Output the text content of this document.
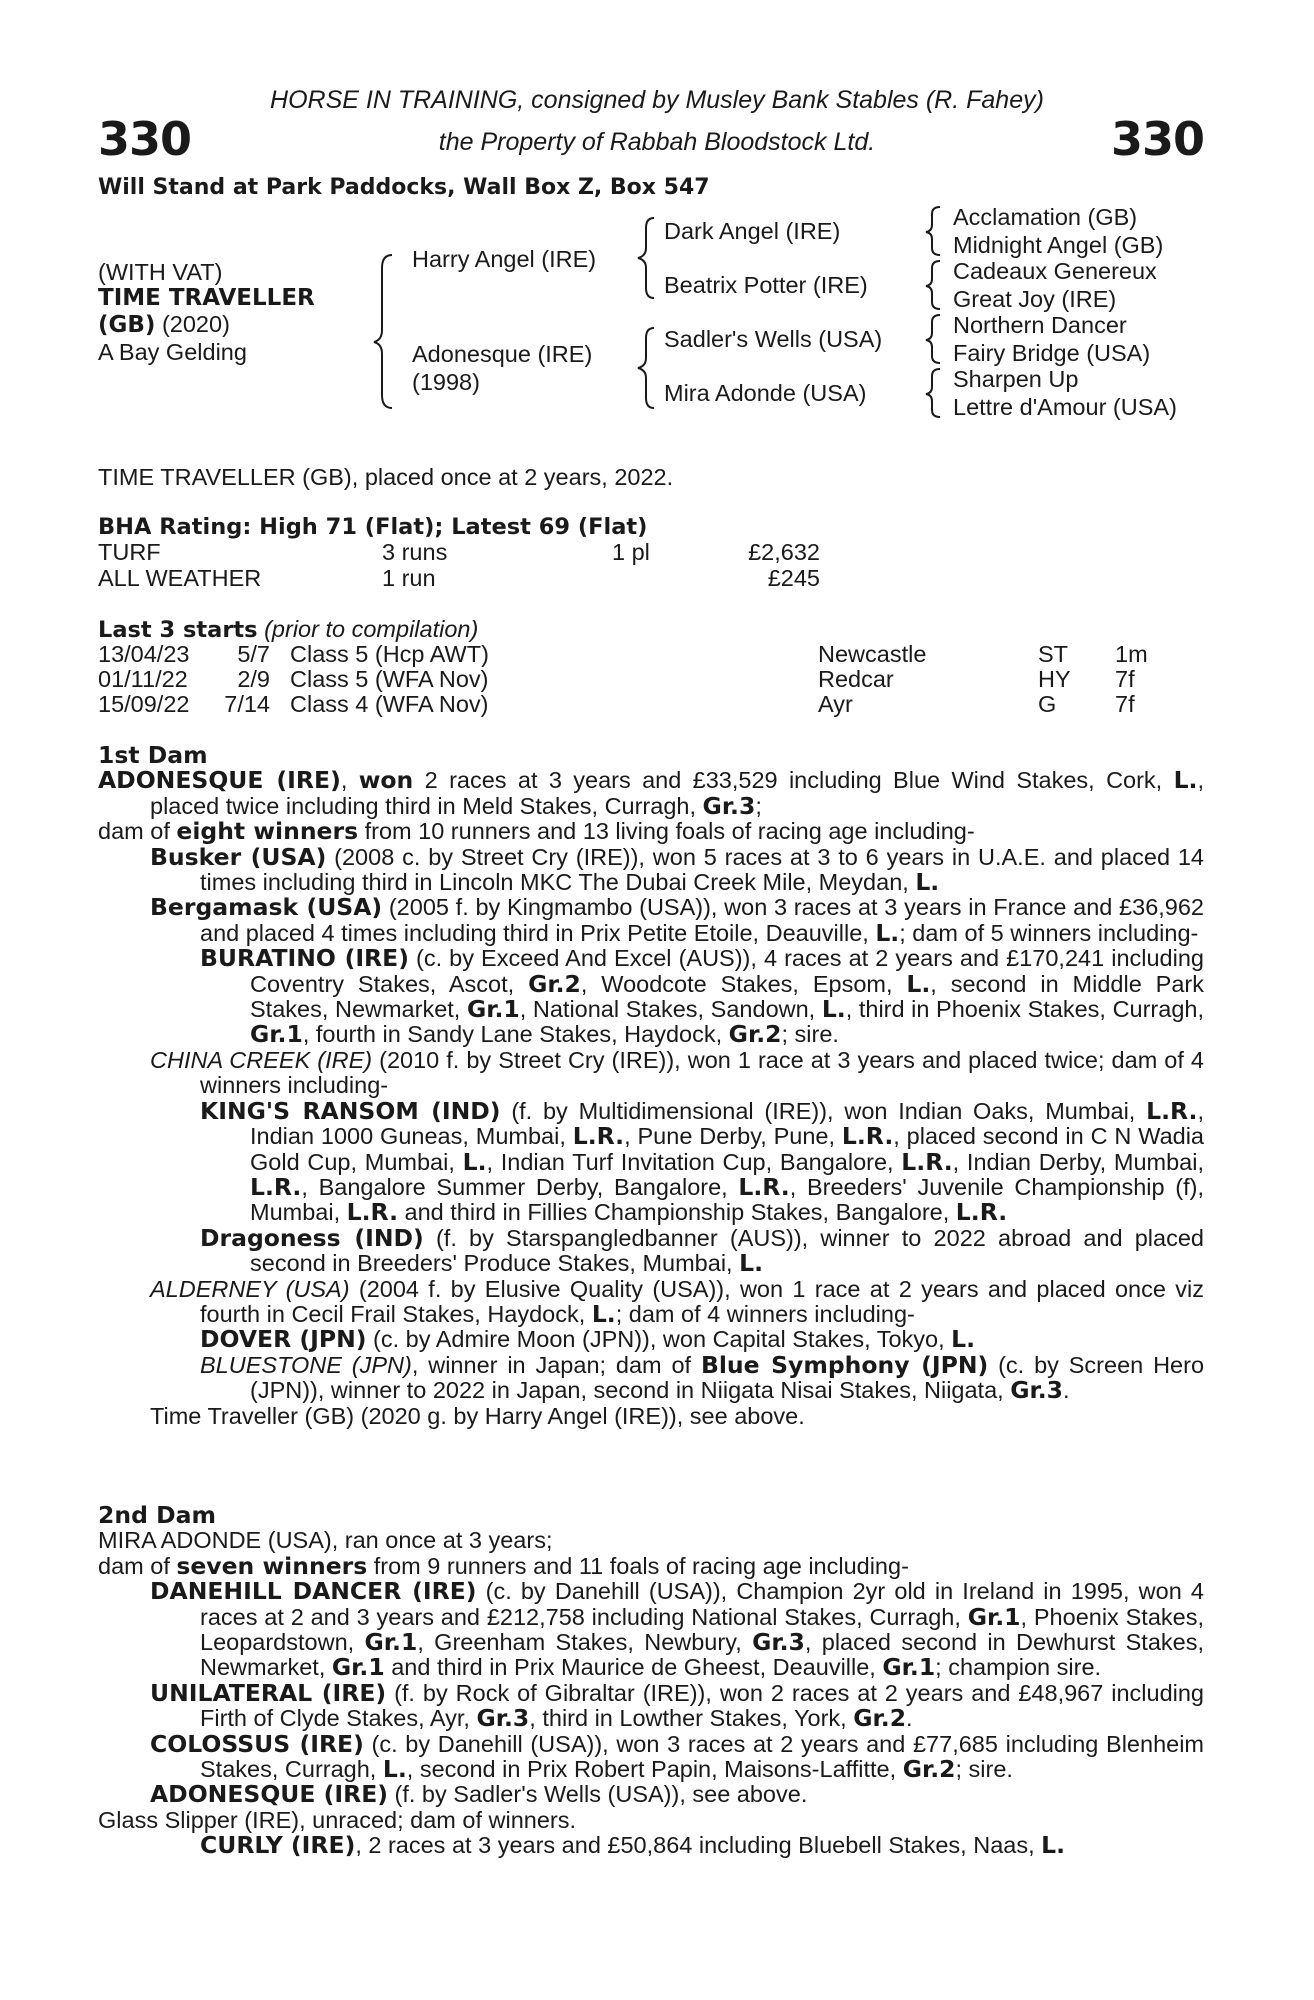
330	330
HORSE IN TRAINING, consigned by Musley Bank Stables (R. Fahey)
the Property of Rabbah Bloodstock Ltd.
Will Stand at Park Paddocks, Wall Box Z, Box 547
(WITH VAT)
TIME TRAVELLER
(GB) (2020)
A Bay Gelding
Harry Angel (IRE)
Adonesque (IRE)
(1998)
Dark Angel (IRE)
Beatrix Potter (IRE)
Sadler's Wells (USA)
Mira Adonde (USA)
Acclamation (GB)
Midnight Angel (GB)
Cadeaux Genereux
Great Joy (IRE)
Northern Dancer
Fairy Bridge (USA)
Sharpen Up
Lettre d'Amour (USA)
TIME TRAVELLER (GB), placed once at 2 years, 2022.
BHA Rating: High 71 (Flat); Latest 69 (Flat)
TURF	3 runs	1 pl	£2,632
ALL WEATHER	1 run	£245
Last 3 starts (prior to compilation)
13/04/23	5/7 Class 5 (Hcp AWT)	Newcastle	ST 1m
01/11/22	2/9 Class 5 (WFA Nov)	Redcar	HY 7f
15/09/22	7/14 Class 4 (WFA Nov)	Ayr	G 7f

1st Dam

ADONESQUE (IRE), won 2 races at 3 years and £33,529 including Blue Wind Stakes, Cork, L., placed twice including third in Meld Stakes, Curragh, Gr.3;

dam of eight winners from 10 runners and 13 living foals of racing age including-

Busker (USA) (2008 c. by Street Cry (IRE)), won 5 races at 3 to 6 years in U.A.E. and placed 14 times including third in Lincoln MKC The Dubai Creek Mile, Meydan, L.

Bergamask (USA) (2005 f. by Kingmambo (USA)), won 3 races at 3 years in France and £36,962 and placed 4 times including third in Prix Petite Etoile, Deauville, L.; dam of 5 winners including-

BURATINO (IRE) (c. by Exceed And Excel (AUS)), 4 races at 2 years and £170,241 including Coventry Stakes, Ascot, Gr.2, Woodcote Stakes, Epsom, L., second in Middle Park Stakes, Newmarket, Gr.1, National Stakes, Sandown, L., third in Phoenix Stakes, Curragh, Gr.1, fourth in Sandy Lane Stakes, Haydock, Gr.2; sire.

CHINA CREEK (IRE) (2010 f. by Street Cry (IRE)), won 1 race at 3 years and placed twice; dam of 4 winners including-

KING'S RANSOM (IND) (f. by Multidimensional (IRE)), won Indian Oaks, Mumbai, L.R., Indian 1000 Guneas, Mumbai, L.R., Pune Derby, Pune, L.R., placed second in C N Wadia Gold Cup, Mumbai, L., Indian Turf Invitation Cup, Bangalore, L.R., Indian Derby, Mumbai, L.R., Bangalore Summer Derby, Bangalore, L.R., Breeders' Juvenile Championship (f), Mumbai, L.R. and third in Fillies Championship Stakes, Bangalore, L.R.

Dragoness (IND) (f. by Starspangledbanner (AUS)), winner to 2022 abroad and placed second in Breeders' Produce Stakes, Mumbai, L.

ALDERNEY (USA) (2004 f. by Elusive Quality (USA)), won 1 race at 2 years and placed once viz fourth in Cecil Frail Stakes, Haydock, L.; dam of 4 winners including-

DOVER (JPN) (c. by Admire Moon (JPN)), won Capital Stakes, Tokyo, L.

BLUESTONE (JPN), winner in Japan; dam of Blue Symphony (JPN) (c. by Screen Hero (JPN)), winner to 2022 in Japan, second in Niigata Nisai Stakes, Niigata, Gr.3.

Time Traveller (GB) (2020 g. by Harry Angel (IRE)), see above.

2nd Dam

MIRA ADONDE (USA), ran once at 3 years;

dam of seven winners from 9 runners and 11 foals of racing age including-

DANEHILL DANCER (IRE) (c. by Danehill (USA)), Champion 2yr old in Ireland in 1995, won 4 races at 2 and 3 years and £212,758 including National Stakes, Curragh, Gr.1, Phoenix Stakes, Leopardstown, Gr.1, Greenham Stakes, Newbury, Gr.3, placed second in Dewhurst Stakes, Newmarket, Gr.1 and third in Prix Maurice de Gheest, Deauville, Gr.1; champion sire.

UNILATERAL (IRE) (f. by Rock of Gibraltar (IRE)), won 2 races at 2 years and £48,967 including Firth of Clyde Stakes, Ayr, Gr.3, third in Lowther Stakes, York, Gr.2.

COLOSSUS (IRE) (c. by Danehill (USA)), won 3 races at 2 years and £77,685 including Blenheim Stakes, Curragh, L., second in Prix Robert Papin, Maisons-Laffitte, Gr.2; sire.

ADONESQUE (IRE) (f. by Sadler's Wells (USA)), see above.

Glass Slipper (IRE), unraced; dam of winners.

CURLY (IRE), 2 races at 3 years and £50,864 including Bluebell Stakes, Naas, L.
